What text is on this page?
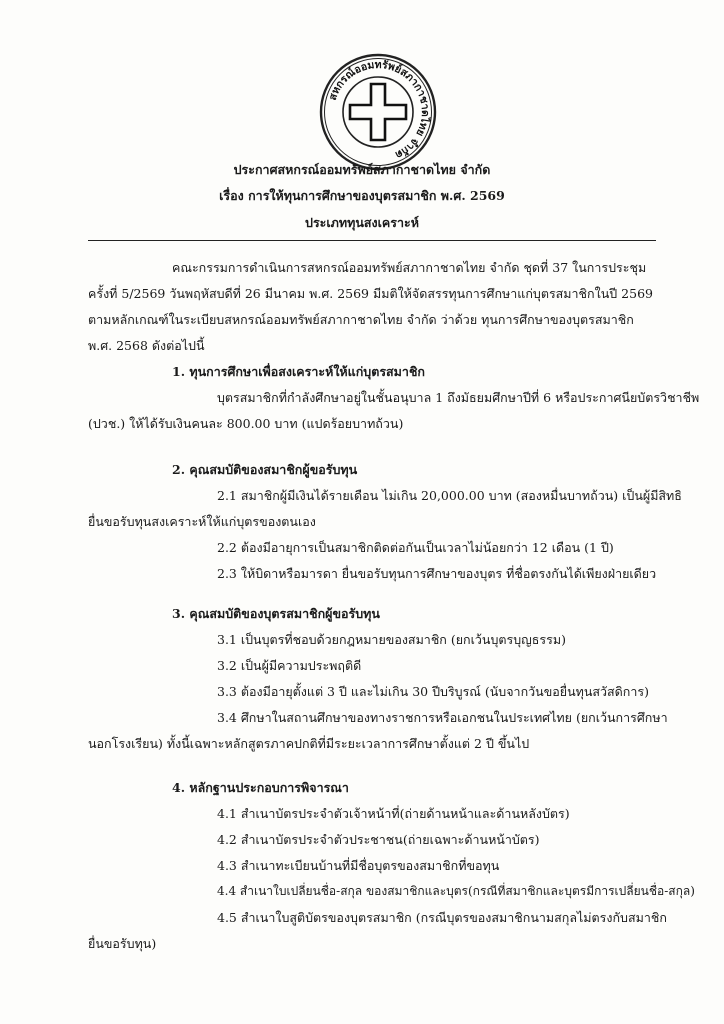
สหกรณ์ออมทรัพย์สภากาชาดไทย จำกัด
ประกาศสหกรณ์ออมทรัพย์สภากาชาดไทย จำกัด
เรื่อง การให้ทุนการศึกษาของบุตรสมาชิก พ.ศ. 2569
ประเภททุนสงเคราะห์
คณะกรรมการดำเนินการสหกรณ์ออมทรัพย์สภากาชาดไทย จำกัด ชุดที่ 37 ในการประชุม
ครั้งที่ 5/2569 วันพฤหัสบดีที่ 26 มีนาคม พ.ศ. 2569 มีมติให้จัดสรรทุนการศึกษาแก่บุตรสมาชิกในปี 2569
ตามหลักเกณฑ์ในระเบียบสหกรณ์ออมทรัพย์สภากาชาดไทย จำกัด ว่าด้วย ทุนการศึกษาของบุตรสมาชิก
พ.ศ. 2568 ดังต่อไปนี้
1. ทุนการศึกษาเพื่อสงเคราะห์ให้แก่บุตรสมาชิก
บุตรสมาชิกที่กำลังศึกษาอยู่ในชั้นอนุบาล 1 ถึงมัธยมศึกษาปีที่ 6 หรือประกาศนียบัตรวิชาชีพ
(ปวช.) ให้ได้รับเงินคนละ 800.00 บาท (แปดร้อยบาทถ้วน)
2. คุณสมบัติของสมาชิกผู้ขอรับทุน
2.1 สมาชิกผู้มีเงินได้รายเดือน ไม่เกิน 20,000.00 บาท (สองหมื่นบาทถ้วน) เป็นผู้มีสิทธิ
ยื่นขอรับทุนสงเคราะห์ให้แก่บุตรของตนเอง
2.2 ต้องมีอายุการเป็นสมาชิกติดต่อกันเป็นเวลาไม่น้อยกว่า 12 เดือน (1 ปี)
2.3 ให้บิดาหรือมารดา ยื่นขอรับทุนการศึกษาของบุตร ที่ชื่อตรงกันได้เพียงฝ่ายเดียว
3. คุณสมบัติของบุตรสมาชิกผู้ขอรับทุน
3.1 เป็นบุตรที่ชอบด้วยกฎหมายของสมาชิก (ยกเว้นบุตรบุญธรรม)
3.2 เป็นผู้มีความประพฤติดี
3.3 ต้องมีอายุตั้งแต่ 3 ปี และไม่เกิน 30 ปีบริบูรณ์ (นับจากวันขอยื่นทุนสวัสดิการ)
3.4 ศึกษาในสถานศึกษาของทางราชการหรือเอกชนในประเทศไทย (ยกเว้นการศึกษา
นอกโรงเรียน) ทั้งนี้เฉพาะหลักสูตรภาคปกติที่มีระยะเวลาการศึกษาตั้งแต่ 2 ปี ขึ้นไป
4. หลักฐานประกอบการพิจารณา
4.1 สำเนาบัตรประจำตัวเจ้าหน้าที่(ถ่ายด้านหน้าและด้านหลังบัตร)
4.2 สำเนาบัตรประจำตัวประชาชน(ถ่ายเฉพาะด้านหน้าบัตร)
4.3 สำเนาทะเบียนบ้านที่มีชื่อบุตรของสมาชิกที่ขอทุน
4.4 สำเนาใบเปลี่ยนชื่อ-สกุล ของสมาชิกและบุตร(กรณีที่สมาชิกและบุตรมีการเปลี่ยนชื่อ-สกุล)
4.5 สำเนาใบสูติบัตรของบุตรสมาชิก (กรณีบุตรของสมาชิกนามสกุลไม่ตรงกับสมาชิก
ยื่นขอรับทุน)
